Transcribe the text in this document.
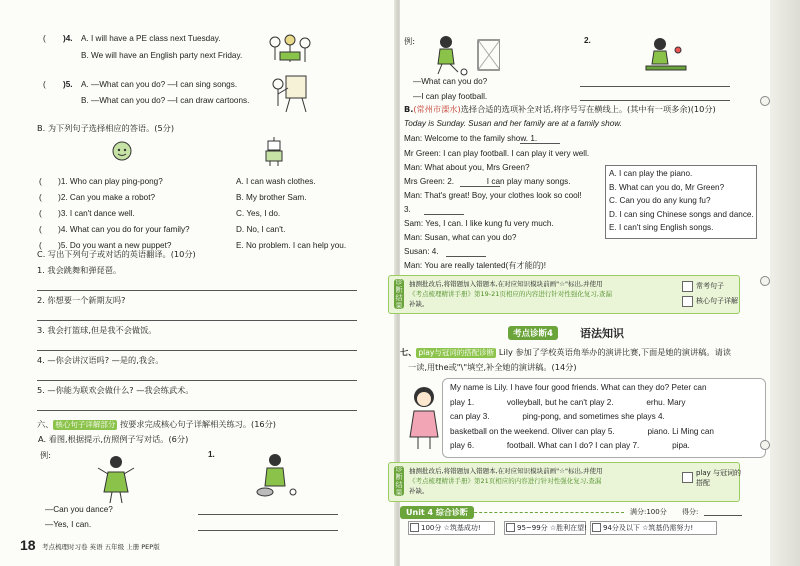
( )4. A. I will have a PE class next Tuesday.
B. We will have an English party next Friday.
( )5. A. —What can you do? —I can sing songs.
B. —What can you do? —I can draw cartoons.
B. 为下列句子选择相应的答语。(5分)
(　　)1. Who can play ping-pong?
(　　)2. Can you make a robot?
(　　)3. I can't dance well.
(　　)4. What can you do for your family?
(　　)5. Do you want a new puppet?
A. I can wash clothes.
B. My brother Sam.
C. Yes, I do.
D. No, I can't.
E. No problem. I can help you.
C. 写出下列句子或对话的英语翻译。(10分)
1. 我会跳舞和弹琵琶。
2. 你想要一个新期友吗?
3. 我会打篮球,但是我不会做饭。
4. —你会讲汉语吗? —是的,我会。
5. —你能为联欢会做什么? —我会练武术。
六、 核心句子详解部分 按要求完成核心句子详解相关练习。(16分)
A. 看图,根据提示,仿照例子写对话。(6分)
例:	1.
—Can you dance?
—Yes, I can.
18 考点梳理时习卷 英语 五年级 上册 PEP版
例:	2.
—What can you do?
—I can play football.
B.(常州市溧水)选择合适的选项补全对话,将序号写在横线上。(其中有一项多余)(10分)
Today is Sunday. Susan and her family are at a family show.
Man: Welcome to the family show. 1.
Mr Green: I can play football. I can play it very well.
Man: What about you, Mrs Green?
Mrs Green: 2.　　　　I can play many songs.
Man: That's great! Boy, your clothes look so cool!
3.
Sam: Yes, I can. I like kung fu very much.
Man: Susan, what can you do?
Susan: 4.
Man: You are really talented(有才能的)!
A. I can play the piano.
B. What can you do, Mr Green?
C. Can you do any kung fu?
D. I can sing Chinese songs and dance.
E. I can't sing English songs.
诊断结果
抽测批改后,将错题加入错题本,在对应知识模块前画"☆"标出,并使用
《考点梳理精讲手册》第19-21页相应的内容进行针对性强化复习,查漏
补缺。
常考句子
核心句子详解
考点诊断4	语法知识
七、 play与冠词的搭配诊断 Lily 参加了学校英语角举办的演讲比赛,下面是她的演讲稿。请读
一读,用the或"\"填空,补全她的演讲稿。(14分)
My name is Lily. I have four good friends. What can they do? Peter can
play 1.　　　　volleyball, but he can't play 2.　　　　erhu. Mary
can play 3.　　　　ping-pong, and sometimes she plays 4.
basketball on the weekend. Oliver can play 5.　　　　piano. Li Ming can
play 6.　　　　football. What can I do? I can play 7.　　　　pipa.
诊断结果
抽测批改后,将错题加入错题本,在对应知识模块前画"☆"标出,并使用
《考点梳理精讲手册》第21页相应的内容进行针对性强化复习,查漏
补缺。
play 与冠词的搭配
Unit 4 综合诊断	满分:100分 得分:
100分 ☆筑基成功!	95~99分 ☆胜利在望! 94分及以下 ☆筑基仍需努力!
